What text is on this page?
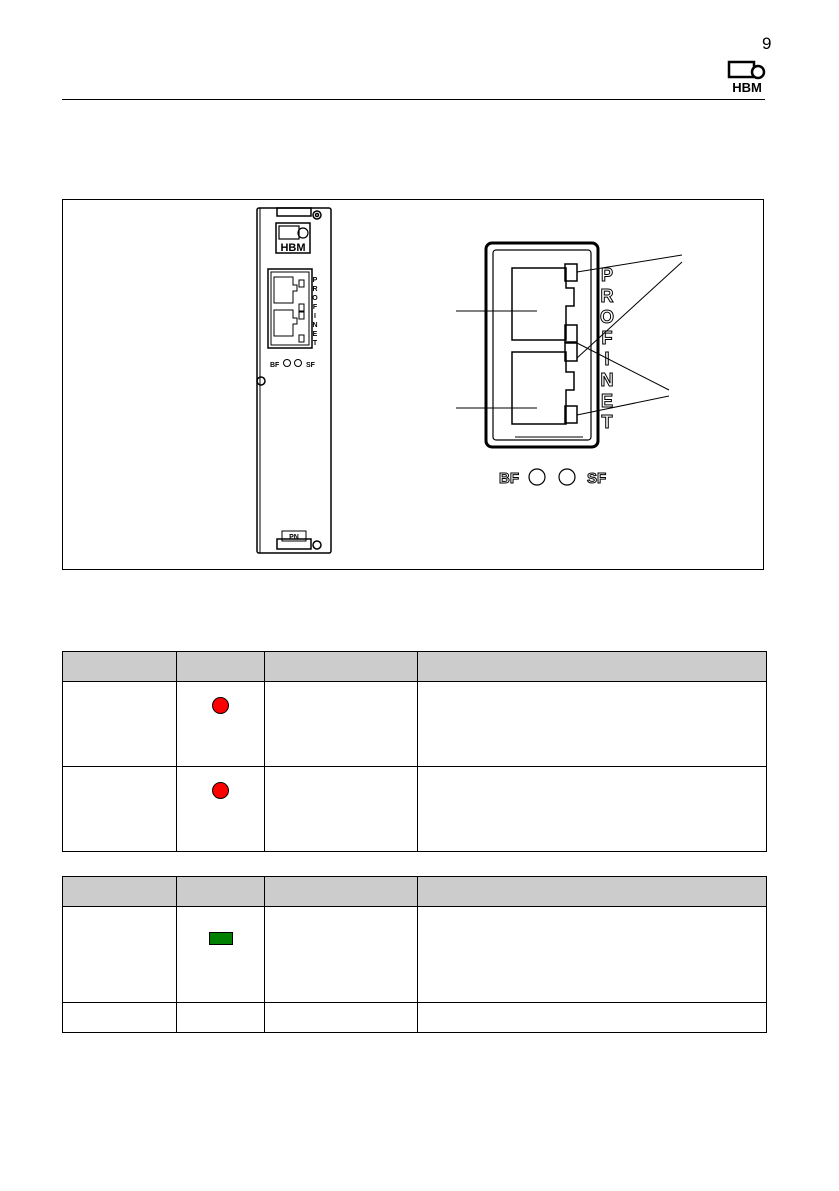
9
HBM
HBM
BF	SF
PN
P
R
O
F
I
N
E
T
P
R
O
F
I
N
E
T
BF	SF
